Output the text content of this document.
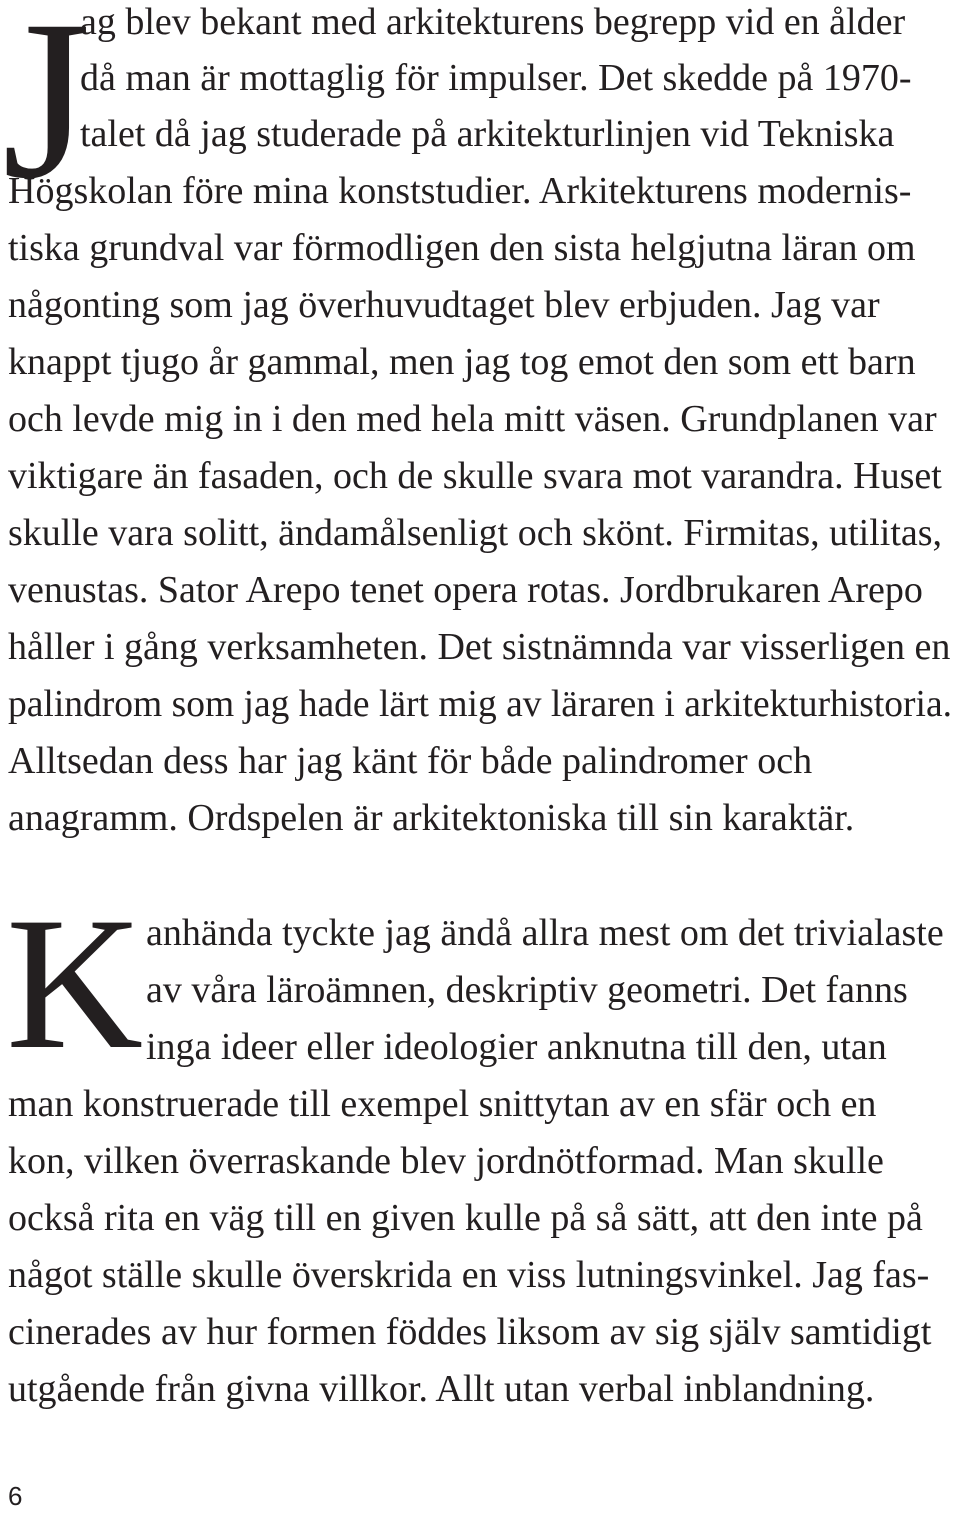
J
ag blev bekant med arkitekturens begrepp vid en ålder
då man är mottaglig för impulser. Det skedde på 1970-
talet då jag studerade på arkitekturlinjen vid Tekniska
Högskolan före mina konststudier. Arkitekturens modernis-
tiska grundval var förmodligen den sista helgjutna läran om
någonting som jag överhuvudtaget blev erbjuden. Jag var
knappt tjugo år gammal, men jag tog emot den som ett barn
och levde mig in i den med hela mitt väsen. Grundplanen var
viktigare än fasaden, och de skulle svara mot varandra. Huset
skulle vara solitt, ändamålsenligt och skönt. Firmitas, utilitas,
venustas. Sator Arepo tenet opera rotas. Jordbrukaren Arepo
håller i gång verksamheten. Det sistnämnda var visserligen en
palindrom som jag hade lärt mig av läraren i arkitekturhistoria.
Alltsedan dess har jag känt för både palindromer och
anagramm. Ordspelen är arkitektoniska till sin karaktär.
K anhända tyckte jag ändå allra mest om det trivialaste
av våra läroämnen, deskriptiv geometri. Det fanns
inga ideer eller ideologier anknutna till den, utan
man konstruerade till exempel snittytan av en sfär och en
kon, vilken överraskande blev jordnötformad. Man skulle
också rita en väg till en given kulle på så sätt, att den inte på
något ställe skulle överskrida en viss lutningsvinkel. Jag fas-
cinerades av hur formen föddes liksom av sig själv samtidigt
utgående från givna villkor. Allt utan verbal inblandning.
6
